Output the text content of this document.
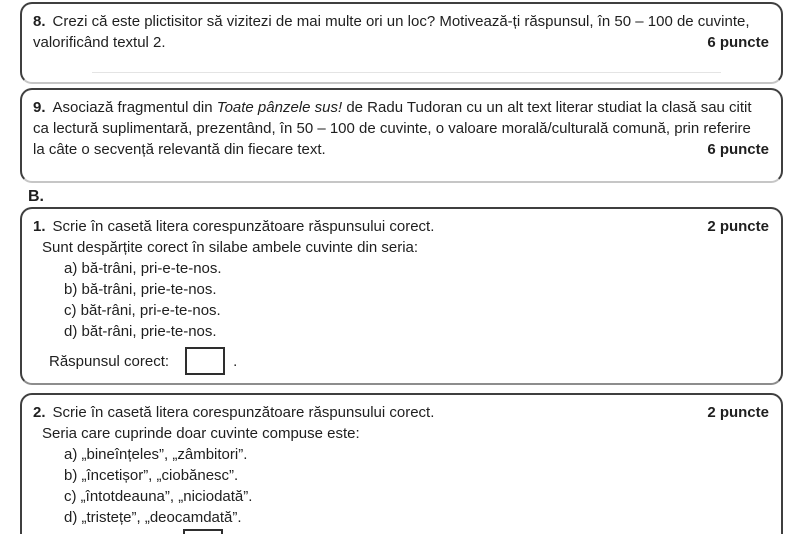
8. Crezi că este plictisitor să vizitezi de mai multe ori un loc? Motivează-ți răspunsul, în 50 – 100 de cuvinte,
6 puncte
valorificând textul 2.
9. Asociază fragmentul din Toate pânzele sus! de Radu Tudoran cu un alt text literar studiat la clasă sau citit
ca lectură suplimentară, prezentând, în 50 – 100 de cuvinte, o valoare morală/culturală comună, prin referire
6 puncte
la câte o secvență relevantă din fiecare text.
B.
2 puncte
1. Scrie în casetă litera corespunzătoare răspunsului corect.
Sunt despărțite corect în silabe ambele cuvinte din seria:
a) bă-trâni, pri-e-te-nos.
b) bă-trâni, prie-te-nos.
c) băt-râni, pri-e-te-nos.
d) băt-râni, prie-te-nos.
Răspunsul corect:	.
2 puncte
2. Scrie în casetă litera corespunzătoare răspunsului corect.
Seria care cuprinde doar cuvinte compuse este:
a) „bineînțeles”, „zâmbitori”.
b) „încetișor”, „ciobănesc”.
c) „întotdeauna”, „niciodată”.
d) „tristețe”, „deocamdată”.
